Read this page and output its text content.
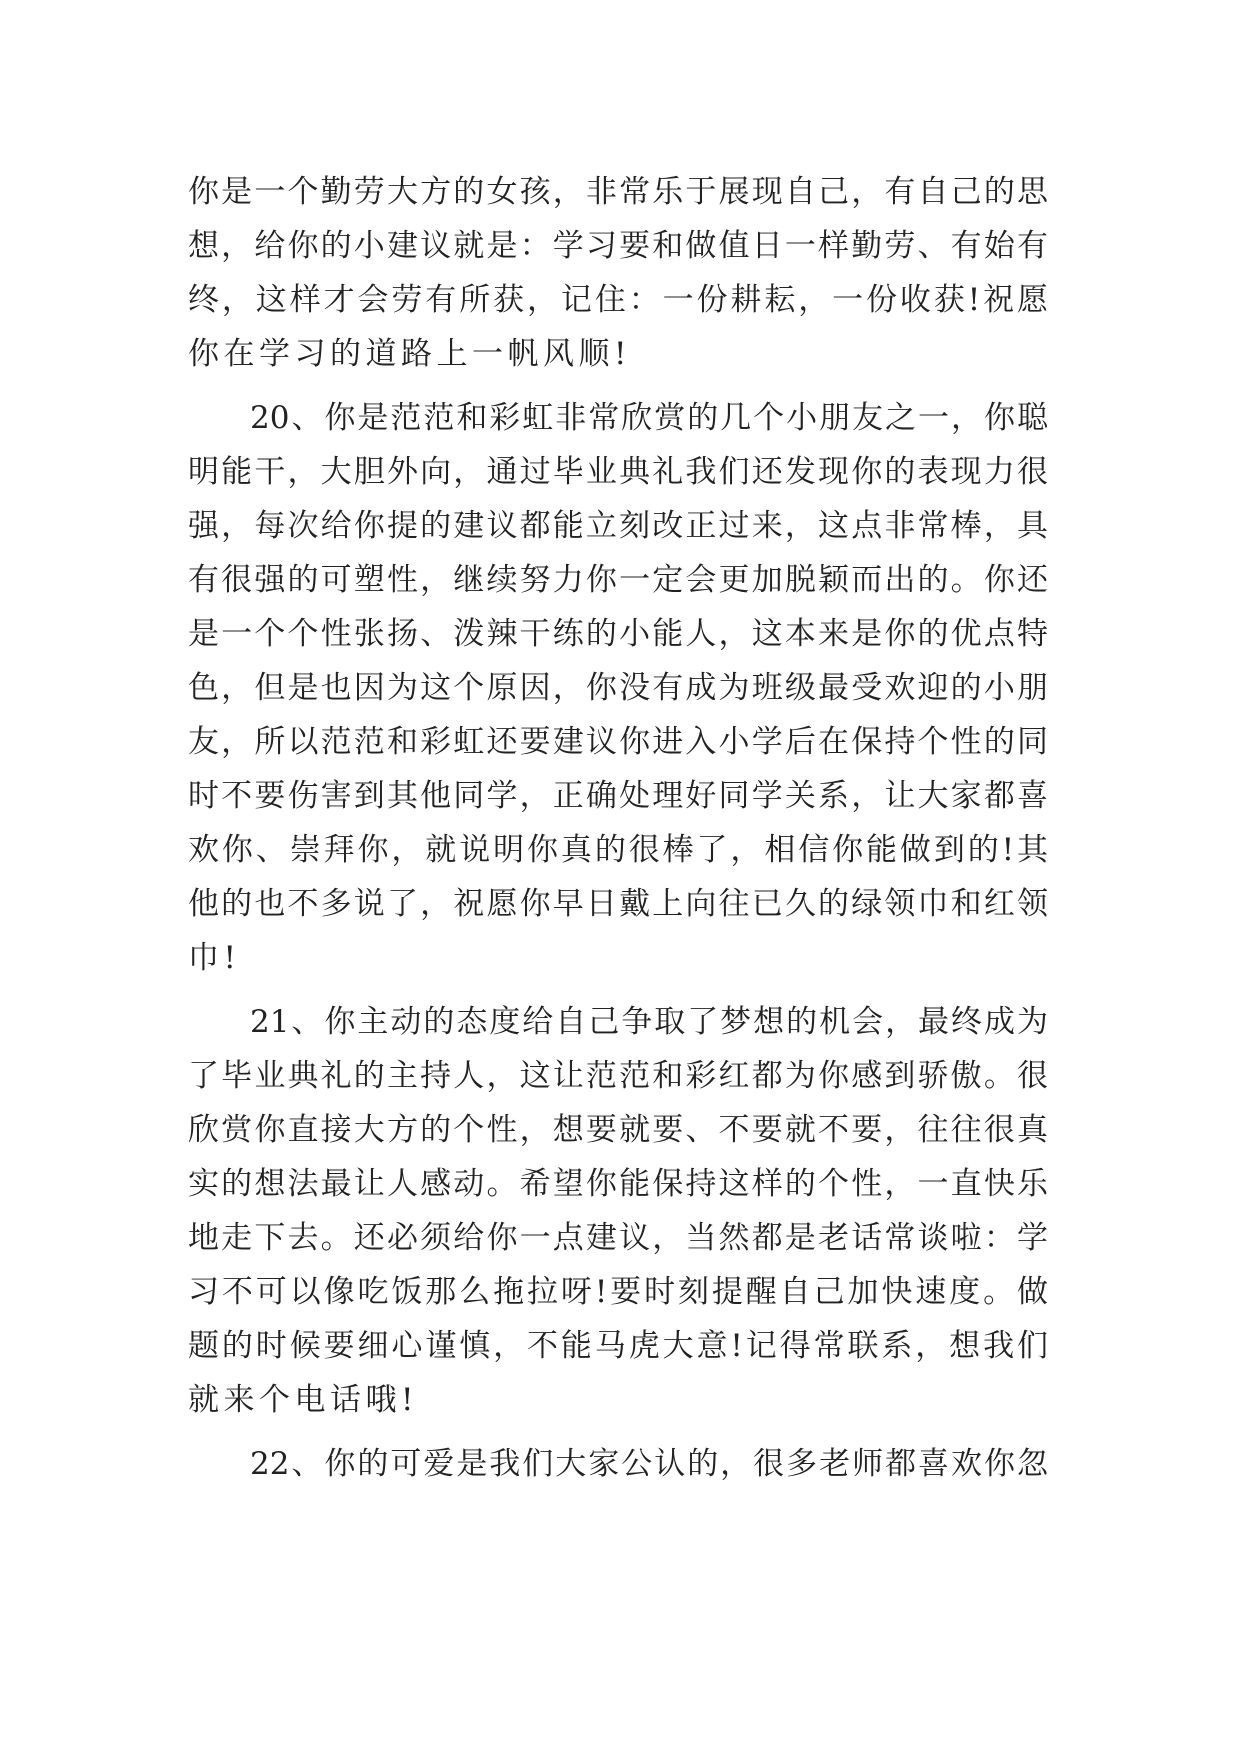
你是一个勤劳大方的女孩，非常乐于展现自己，有自己的思
想，给你的小建议就是：学习要和做值日一样勤劳、有始有
终，这样才会劳有所获，记住：一份耕耘，一份收获!祝愿
你在学习的道路上一帆风顺!
20、你是范范和彩虹非常欣赏的几个小朋友之一，你聪
明能干，大胆外向，通过毕业典礼我们还发现你的表现力很
强，每次给你提的建议都能立刻改正过来，这点非常棒，具
有很强的可塑性，继续努力你一定会更加脱颖而出的。你还
是一个个性张扬、泼辣干练的小能人，这本来是你的优点特
色，但是也因为这个原因，你没有成为班级最受欢迎的小朋
友，所以范范和彩虹还要建议你进入小学后在保持个性的同
时不要伤害到其他同学，正确处理好同学关系，让大家都喜
欢你、崇拜你，就说明你真的很棒了，相信你能做到的!其
他的也不多说了，祝愿你早日戴上向往已久的绿领巾和红领
巾!
21、你主动的态度给自己争取了梦想的机会，最终成为
了毕业典礼的主持人，这让范范和彩红都为你感到骄傲。很
欣赏你直接大方的个性，想要就要、不要就不要，往往很真
实的想法最让人感动。希望你能保持这样的个性，一直快乐
地走下去。还必须给你一点建议，当然都是老话常谈啦：学
习不可以像吃饭那么拖拉呀!要时刻提醒自己加快速度。做
题的时候要细心谨慎，不能马虎大意!记得常联系，想我们
就来个电话哦!
22、你的可爱是我们大家公认的，很多老师都喜欢你忽
